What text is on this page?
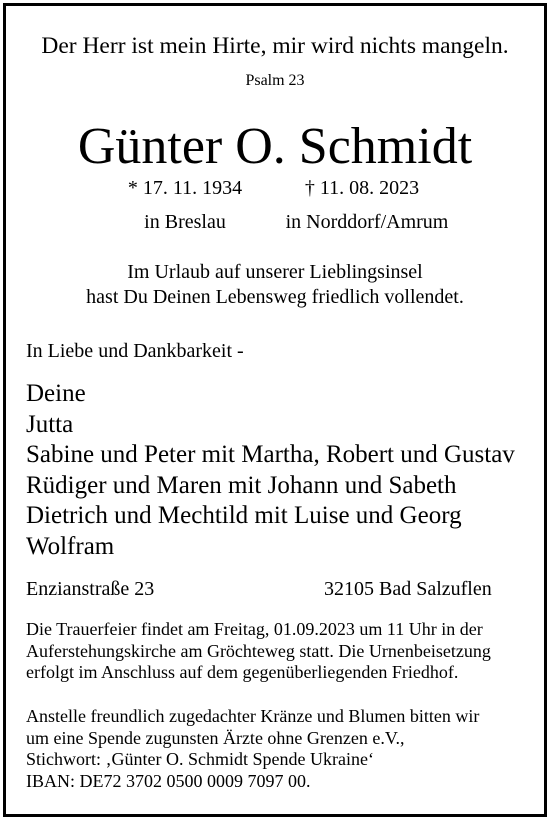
Der Herr ist mein Hirte, mir wird nichts mangeln.
Psalm 23
Günter O. Schmidt
* 17. 11. 1934	† 11. 08. 2023
in Breslau	in Norddorf/Amrum
Im Urlaub auf unserer Lieblingsinsel
hast Du Deinen Lebensweg friedlich vollendet.
In Liebe und Dankbarkeit -
Deine
Jutta
Sabine und Peter mit Martha, Robert und Gustav
Rüdiger und Maren mit Johann und Sabeth
Dietrich und Mechtild mit Luise und Georg
Wolfram
Enzianstraße 23	32105 Bad Salzuflen
Die Trauerfeier findet am Freitag, 01.09.2023 um 11 Uhr in der
Auferstehungskirche am Gröchteweg statt. Die Urnenbeisetzung
erfolgt im Anschluss auf dem gegenüberliegenden Friedhof.
Anstelle freundlich zugedachter Kränze und Blumen bitten wir
um eine Spende zugunsten Ärzte ohne Grenzen e.V.,
Stichwort: ‚Günter O. Schmidt Spende Ukraine‘
IBAN: DE72 3702 0500 0009 7097 00.
